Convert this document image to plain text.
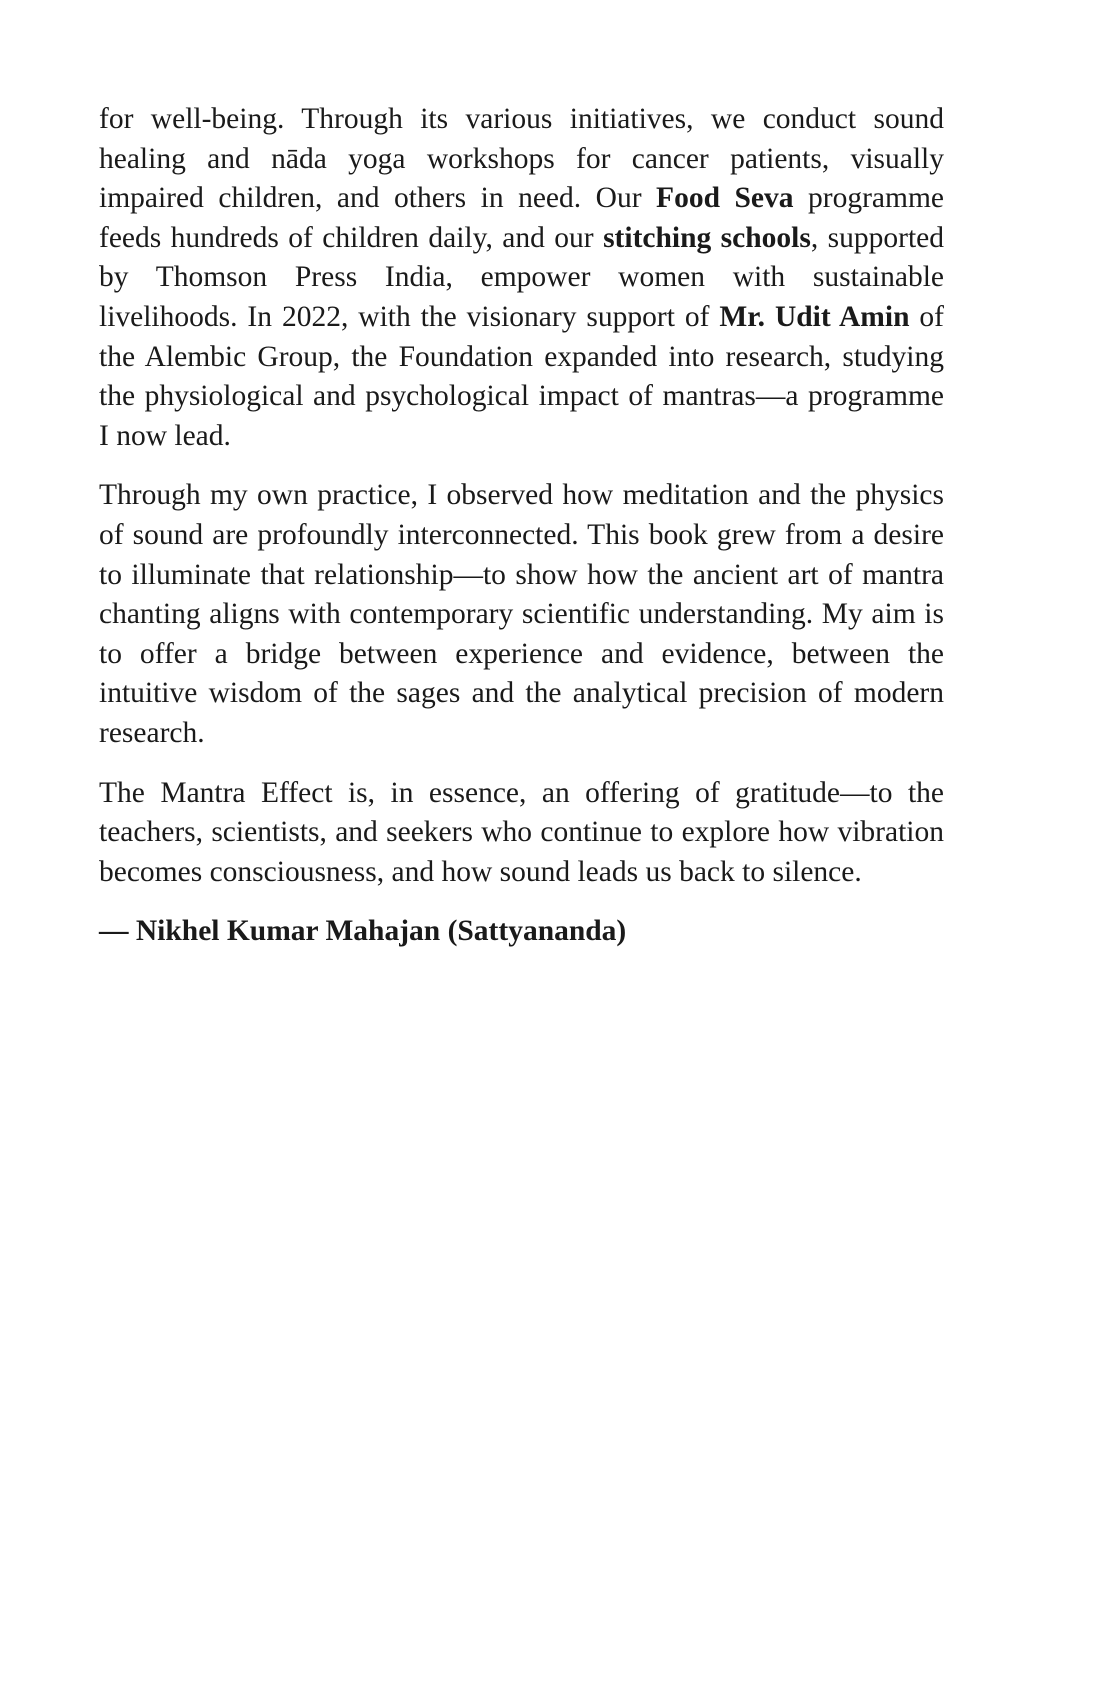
for well-being. Through its various initiatives, we conduct sound healing and nāda yoga workshops for cancer patients, visually impaired children, and others in need. Our Food Seva programme feeds hundreds of children daily, and our stitching schools, supported by Thomson Press India, empower women with sustainable livelihoods. In 2022, with the visionary support of Mr. Udit Amin of the Alembic Group, the Foundation expanded into research, studying the physiological and psychological impact of mantras—a programme I now lead.

Through my own practice, I observed how meditation and the physics of sound are profoundly interconnected. This book grew from a desire to illuminate that relationship—to show how the ancient art of mantra chanting aligns with contemporary scientific understanding. My aim is to offer a bridge between experience and evidence, between the intuitive wisdom of the sages and the analytical precision of modern research.

The Mantra Effect is, in essence, an offering of gratitude—to the teachers, scientists, and seekers who continue to explore how vibration becomes consciousness, and how sound leads us back to silence.

— Nikhel Kumar Mahajan (Sattyananda)
